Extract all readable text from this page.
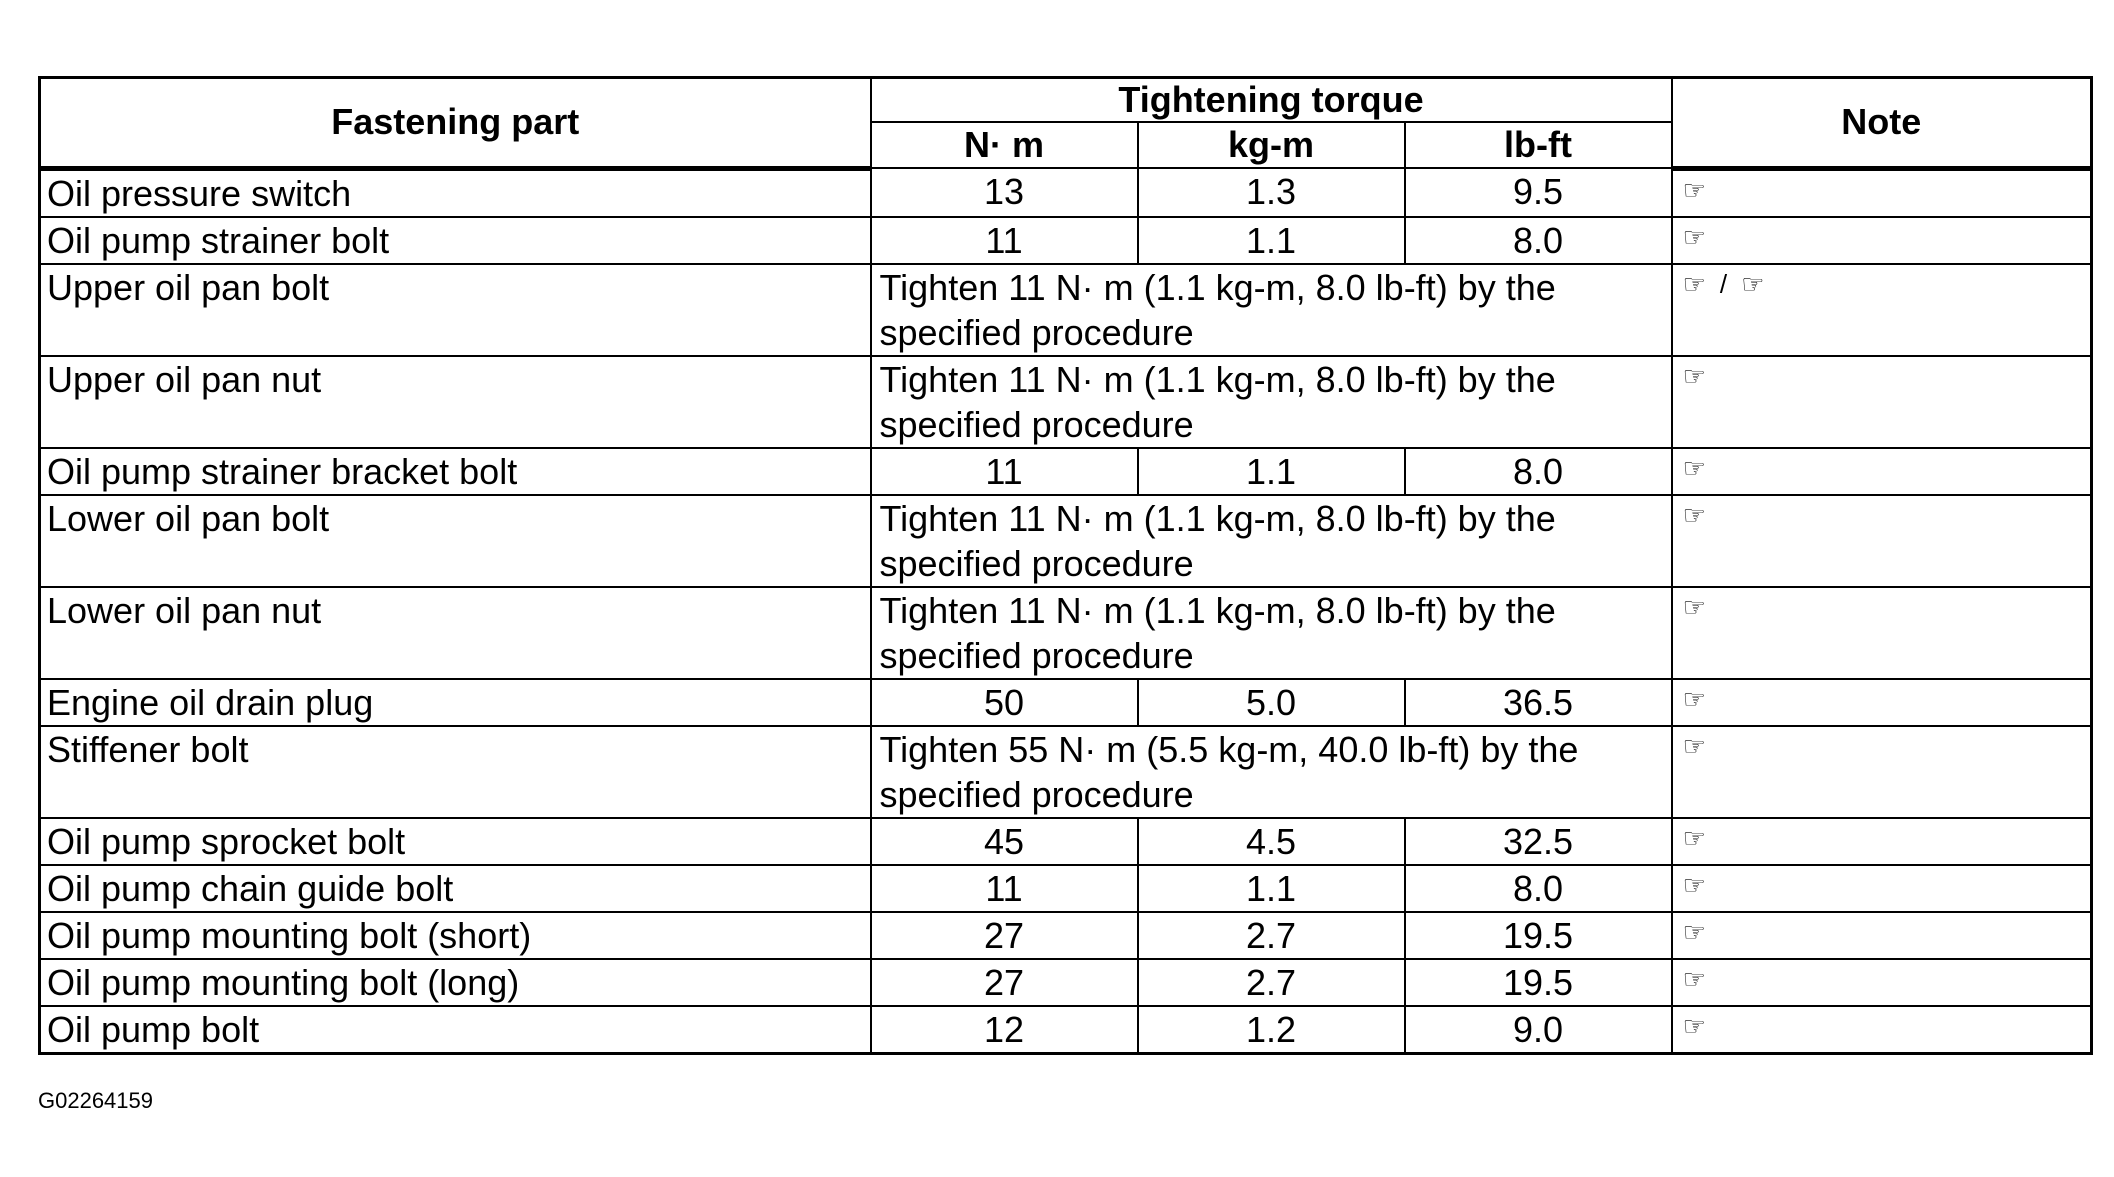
Fastening part	Tightening torque			Note
	N· m	kg-m	lb-ft	
Oil pressure switch	13	1.3	9.5	☞
Oil pump strainer bolt	11	1.1	8.0	☞
Upper oil pan bolt	Tighten 11 N· m (1.1 kg-m, 8.0 lb-ft) by the specified procedure			☞ / ☞
Upper oil pan nut	Tighten 11 N· m (1.1 kg-m, 8.0 lb-ft) by the specified procedure			☞
Oil pump strainer bracket bolt	11	1.1	8.0	☞
Lower oil pan bolt	Tighten 11 N· m (1.1 kg-m, 8.0 lb-ft) by the specified procedure			☞
Lower oil pan nut	Tighten 11 N· m (1.1 kg-m, 8.0 lb-ft) by the specified procedure			☞
Engine oil drain plug	50	5.0	36.5	☞
Stiffener bolt	Tighten 55 N· m (5.5 kg-m, 40.0 lb-ft) by the specified procedure			☞
Oil pump sprocket bolt	45	4.5	32.5	☞
Oil pump chain guide bolt	11	1.1	8.0	☞
Oil pump mounting bolt (short)	27	2.7	19.5	☞
Oil pump mounting bolt (long)	27	2.7	19.5	☞
Oil pump bolt	12	1.2	9.0	☞
G02264159
